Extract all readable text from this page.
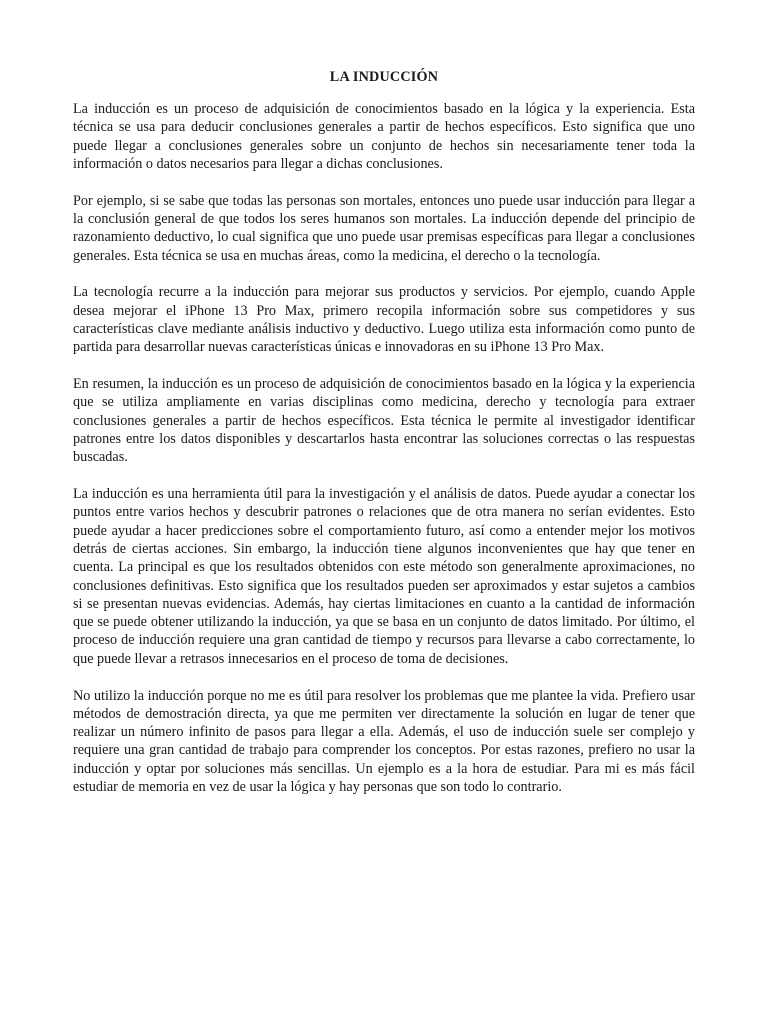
LA INDUCCIÓN

La inducción es un proceso de adquisición de conocimientos basado en la lógica y la experiencia. Esta técnica se usa para deducir conclusiones generales a partir de hechos específicos. Esto significa que uno puede llegar a conclusiones generales sobre un conjunto de hechos sin necesariamente tener toda la información o datos necesarios para llegar a dichas conclusiones.

Por ejemplo, si se sabe que todas las personas son mortales, entonces uno puede usar inducción para llegar a la conclusión general de que todos los seres humanos son mortales. La inducción depende del principio de razonamiento deductivo, lo cual significa que uno puede usar premisas específicas para llegar a conclusiones generales. Esta técnica se usa en muchas áreas, como la medicina, el derecho o la tecnología.

La tecnología recurre a la inducción para mejorar sus productos y servicios. Por ejemplo, cuando Apple desea mejorar el iPhone 13 Pro Max, primero recopila información sobre sus competidores y sus características clave mediante análisis inductivo y deductivo. Luego utiliza esta información como punto de partida para desarrollar nuevas características únicas e innovadoras en su iPhone 13 Pro Max.

En resumen, la inducción es un proceso de adquisición de conocimientos basado en la lógica y la experiencia que se utiliza ampliamente en varias disciplinas como medicina, derecho y tecnología para extraer conclusiones generales a partir de hechos específicos. Esta técnica le permite al investigador identificar patrones entre los datos disponibles y descartarlos hasta encontrar las soluciones correctas o las respuestas buscadas.

La inducción es una herramienta útil para la investigación y el análisis de datos. Puede ayudar a conectar los puntos entre varios hechos y descubrir patrones o relaciones que de otra manera no serían evidentes. Esto puede ayudar a hacer predicciones sobre el comportamiento futuro, así como a entender mejor los motivos detrás de ciertas acciones. Sin embargo, la inducción tiene algunos inconvenientes que hay que tener en cuenta. La principal es que los resultados obtenidos con este método son generalmente aproximaciones, no conclusiones definitivas. Esto significa que los resultados pueden ser aproximados y estar sujetos a cambios si se presentan nuevas evidencias. Además, hay ciertas limitaciones en cuanto a la cantidad de información que se puede obtener utilizando la inducción, ya que se basa en un conjunto de datos limitado. Por último, el proceso de inducción requiere una gran cantidad de tiempo y recursos para llevarse a cabo correctamente, lo que puede llevar a retrasos innecesarios en el proceso de toma de decisiones.

No utilizo la inducción porque no me es útil para resolver los problemas que me plantee la vida. Prefiero usar métodos de demostración directa, ya que me permiten ver directamente la solución en lugar de tener que realizar un número infinito de pasos para llegar a ella. Además, el uso de inducción suele ser complejo y requiere una gran cantidad de trabajo para comprender los conceptos. Por estas razones, prefiero no usar la inducción y optar por soluciones más sencillas. Un ejemplo es a la hora de estudiar. Para mi es más fácil estudiar de memoria en vez de usar la lógica y hay personas que son todo lo contrario.
